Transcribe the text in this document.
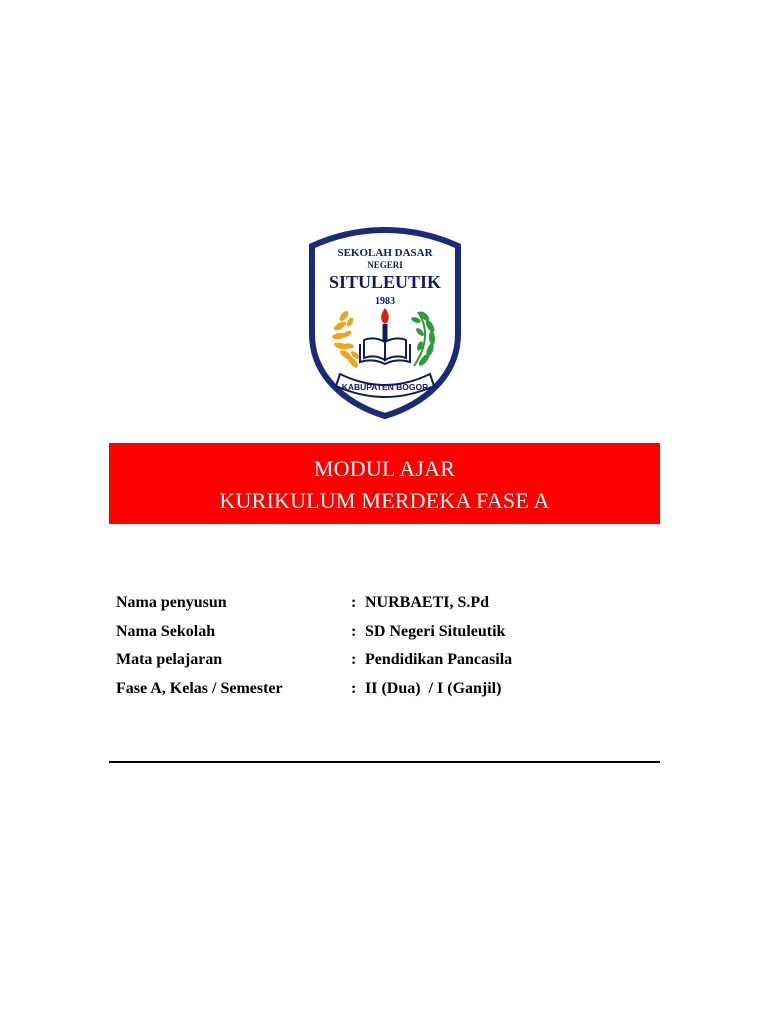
SEKOLAH DASAR
NEGERI
SITULEUTIK
1983
KABUPATEN BOGOR
MODUL AJAR
KURIKULUM MERDEKA FASE A
Nama penyusun	: NURBAETI, S.Pd
Nama Sekolah	: SD Negeri Situleutik
Mata pelajaran	: Pendidikan Pancasila
Fase A, Kelas / Semester	: II (Dua)  / I (Ganjil)
